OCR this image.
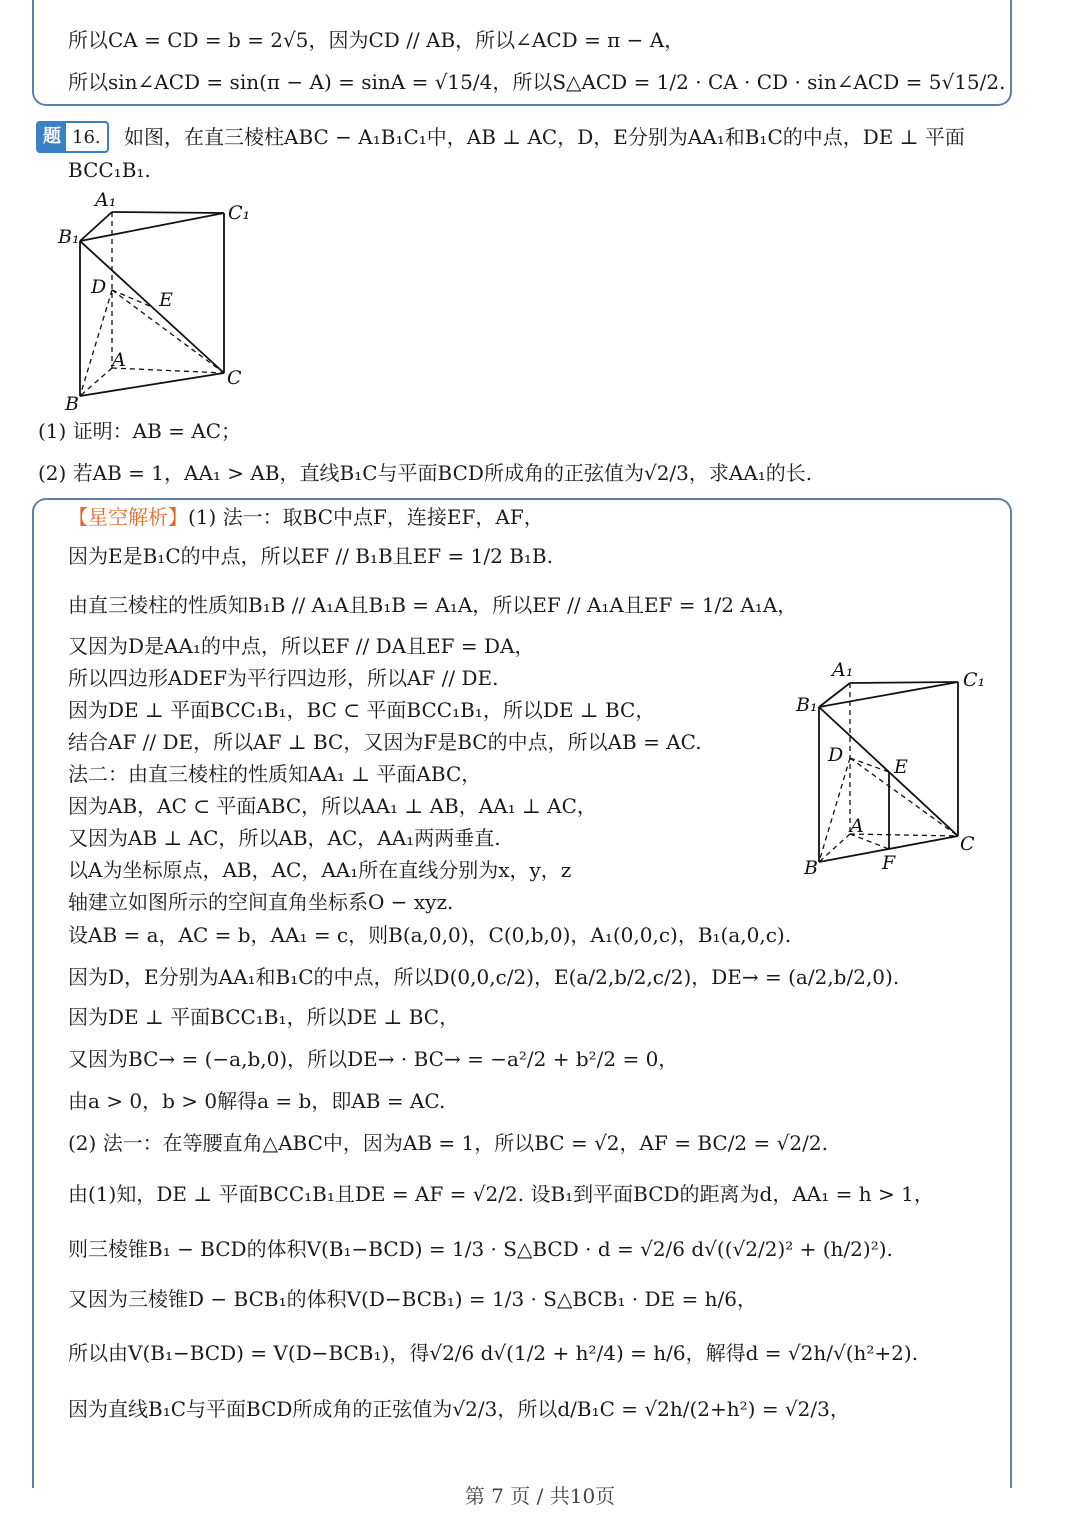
所以CA = CD = b = 2√5，因为CD // AB，所以∠ACD = π − A，
所以sin∠ACD = sin(π − A) = sinA = √15/4，所以S△ACD = 1/2 · CA · CD · sin∠ACD = 5√15/2.
题 16.	如图，在直三棱柱ABC − A₁B₁C₁中，AB ⊥ AC，D，E分别为AA₁和B₁C的中点，DE ⊥ 平面
BCC₁B₁.
A₁
C₁
B₁
D
E
A
C
B
(1) 证明：AB = AC；
(2) 若AB = 1，AA₁ > AB，直线B₁C与平面BCD所成角的正弦值为√2/3，求AA₁的长.
【星空解析】(1) 法一：取BC中点F，连接EF，AF，
因为E是B₁C的中点，所以EF // B₁B且EF = 1/2 B₁B.
由直三棱柱的性质知B₁B // A₁A且B₁B = A₁A，所以EF // A₁A且EF = 1/2 A₁A，
又因为D是AA₁的中点，所以EF // DA且EF = DA，
所以四边形ADEF为平行四边形，所以AF // DE.
因为DE ⊥ 平面BCC₁B₁，BC ⊂ 平面BCC₁B₁，所以DE ⊥ BC，
结合AF // DE，所以AF ⊥ BC，又因为F是BC的中点，所以AB = AC.
法二：由直三棱柱的性质知AA₁ ⊥ 平面ABC，
因为AB，AC ⊂ 平面ABC，所以AA₁ ⊥ AB，AA₁ ⊥ AC，
又因为AB ⊥ AC，所以AB，AC，AA₁两两垂直.
以A为坐标原点，AB，AC，AA₁所在直线分别为x，y，z
轴建立如图所示的空间直角坐标系O − xyz.
设AB = a，AC = b，AA₁ = c，则B(a,0,0)，C(0,b,0)，A₁(0,0,c)，B₁(a,0,c).
因为D，E分别为AA₁和B₁C的中点，所以D(0,0,c/2)，E(a/2,b/2,c/2)，DE→ = (a/2,b/2,0).
因为DE ⊥ 平面BCC₁B₁，所以DE ⊥ BC，
又因为BC→ = (−a,b,0)，所以DE→ · BC→ = −a²/2 + b²/2 = 0，
由a > 0，b > 0解得a = b，即AB = AC.
(2) 法一：在等腰直角△ABC中，因为AB = 1，所以BC = √2，AF = BC/2 = √2/2.
由(1)知，DE ⊥ 平面BCC₁B₁且DE = AF = √2/2. 设B₁到平面BCD的距离为d，AA₁ = h > 1，
则三棱锥B₁ − BCD的体积V(B₁−BCD) = 1/3 · S△BCD · d = √2/6 d√((√2/2)² + (h/2)²).
又因为三棱锥D − BCB₁的体积V(D−BCB₁) = 1/3 · S△BCB₁ · DE = h/6，
所以由V(B₁−BCD) = V(D−BCB₁)，得√2/6 d√(1/2 + h²/4) = h/6，解得d = √2h/√(h²+2).
因为直线B₁C与平面BCD所成角的正弦值为√2/3，所以d/B₁C = √2h/(2+h²) = √2/3，
A₁	C₁
B₁
D
E
A
C
B	F
第 7 页 / 共10页
